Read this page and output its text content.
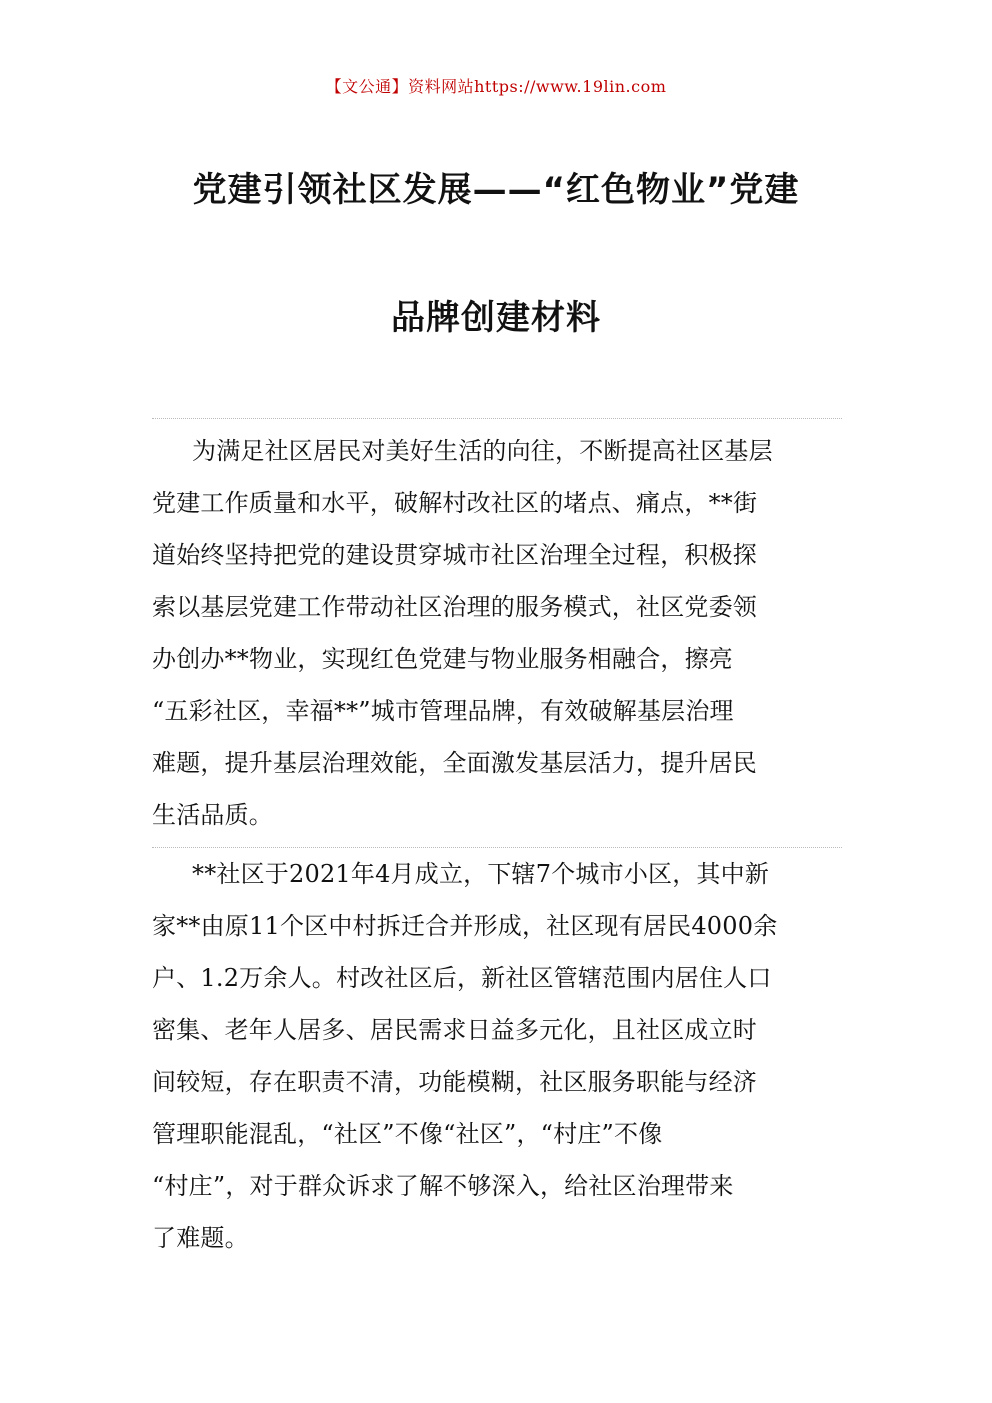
【文公通】资料网站https://www.19lin.com
党建引领社区发展——“红色物业”党建
品牌创建材料
为满足社区居民对美好生活的向往，不断提高社区基层
党建工作质量和水平，破解村改社区的堵点、痛点，**街
道始终坚持把党的建设贯穿城市社区治理全过程，积极探
索以基层党建工作带动社区治理的服务模式，社区党委领
办创办**物业，实现红色党建与物业服务相融合，擦亮
“五彩社区，幸福**”城市管理品牌，有效破解基层治理
难题，提升基层治理效能，全面激发基层活力，提升居民
生活品质。
**社区于2021年4月成立，下辖7个城市小区，其中新
家**由原11个区中村拆迁合并形成，社区现有居民4000余
户、1.2万余人。村改社区后，新社区管辖范围内居住人口
密集、老年人居多、居民需求日益多元化，且社区成立时
间较短，存在职责不清，功能模糊，社区服务职能与经济
管理职能混乱，“社区”不像“社区”，“村庄”不像
“村庄”，对于群众诉求了解不够深入，给社区治理带来
了难题。
